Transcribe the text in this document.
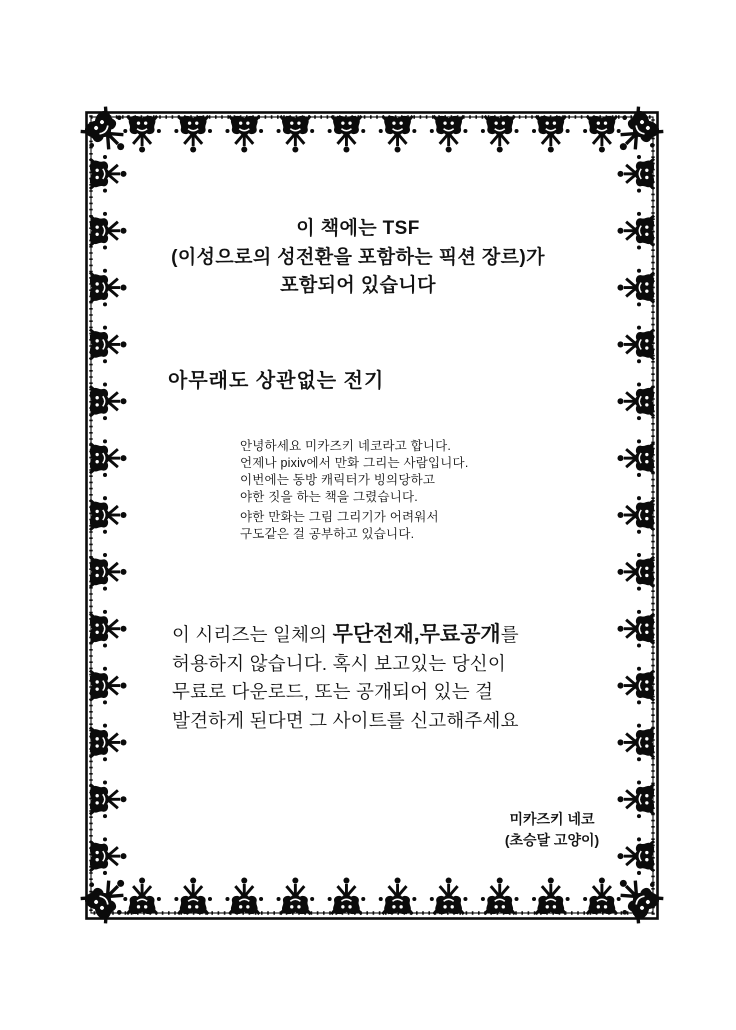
이 책에는 TSF
(이성으로의 성전환을 포함하는 픽션 장르)가
포함되어 있습니다
아무래도 상관없는 전기
안녕하세요 미카즈키 네코라고 합니다.
언제나 pixiv에서 만화 그리는 사람입니다.
이번에는 동방 캐릭터가 빙의당하고
야한 짓을 하는 책을 그렸습니다.
야한 만화는 그림 그리기가 어려워서
구도같은 걸 공부하고 있습니다.
이 시리즈는 일체의 무단전재,무료공개를
허용하지 않습니다. 혹시 보고있는 당신이
무료로 다운로드, 또는 공개되어 있는 걸
발견하게 된다면 그 사이트를 신고해주세요
미카즈키 네코
(초승달 고양이)
